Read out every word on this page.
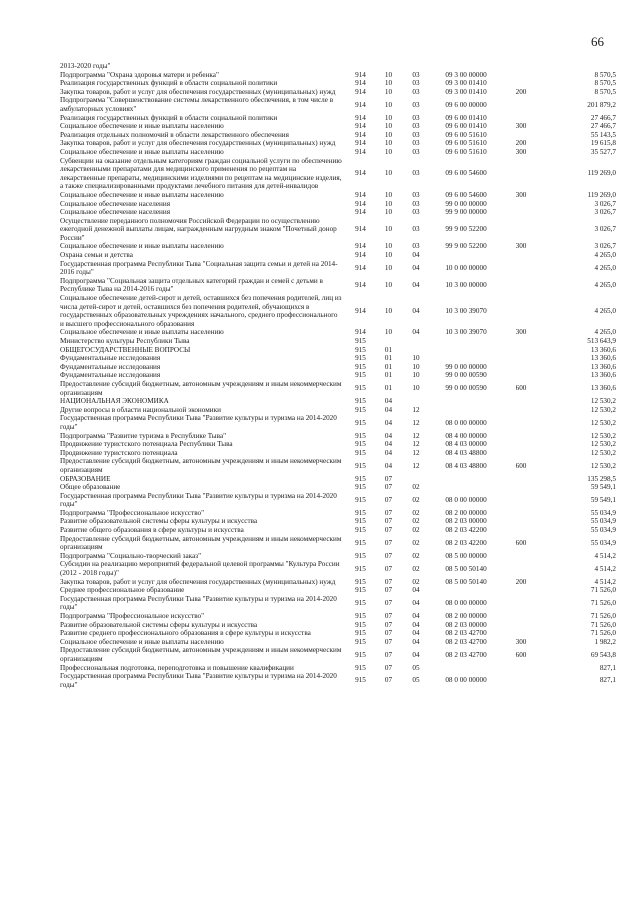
66
2013-2020 годы"						
Подпрограмма "Охрана здоровья матери и ребенка"	914	10	03	09 3 00 00000		8 570,5
Реализация государственных функций в области социальной политики	914	10	03	09 3 00 01410		8 570,5
Закупка товаров, работ и услуг для обеспечения государственных (муниципальных) нужд	914	10	03	09 3 00 01410	200	8 570,5
Подпрограмма "Совершенствование системы лекарственного обеспечения, в том числе в амбулаторных условиях"	914	10	03	09 6 00 00000		201 879,2
Реализация государственных функций в области социальной политики	914	10	03	09 6 00 01410		27 466,7
Социальное обеспечение и иные выплаты населению	914	10	03	09 6 00 01410	300	27 466,7
Реализация отдельных полномочий в области лекарственного обеспечения	914	10	03	09 6 00 51610		55 143,5
Закупка товаров, работ и услуг для обеспечения государственных (муниципальных) нужд	914	10	03	09 6 00 51610	200	19 615,8
Социальное обеспечение и иные выплаты населению	914	10	03	09 6 00 51610	300	35 527,7
Субвенции на оказание отдельным категориям граждан социальной услуги по обеспечению лекарственными препаратами для медицинского применения по рецептам на лекарственные препараты, медицинскими изделиями по рецептам на медицинские изделия, а также специализированными продуктами лечебного питания для детей-инвалидов	914	10	03	09 6 00 54600		119 269,0
Социальное обеспечение и иные выплаты населению	914	10	03	09 6 00 54600	300	119 269,0
Социальное обеспечение населения	914	10	03	99 0 00 00000		3 026,7
Социальное обеспечение населения	914	10	03	99 9 00 00000		3 026,7
Осуществление переданного полномочия Российской Федерации по осуществлению ежегодной денежной выплаты лицам, награжденным нагрудным знаком "Почетный донор России"	914	10	03	99 9 00 52200		3 026,7
Социальное обеспечение и иные выплаты населению	914	10	03	99 9 00 52200	300	3 026,7
Охрана семьи и детства	914	10	04			4 265,0
Государственная программа Республики Тыва "Социальная защита семьи и детей на 2014-2016 годы"	914	10	04	10 0 00 00000		4 265,0
Подпрограмма "Социальная защита отдельных категорий граждан и семей с детьми в Республике Тыва на 2014-2016 годы"	914	10	04	10 3 00 00000		4 265,0
Социальное обеспечение детей-сирот и детей, оставшихся без попечения родителей, лиц из числа детей-сирот и детей, оставшихся без попечения родителей, обучающихся в государственных образовательных учреждениях начального, среднего профессионального и высшего профессионального образования	914	10	04	10 3 00 39070		4 265,0
Социальное обеспечение и иные выплаты населению	914	10	04	10 3 00 39070	300	4 265,0
Министерство культуры Республики Тыва	915					513 643,9
ОБЩЕГОСУДАРСТВЕННЫЕ ВОПРОСЫ	915	01				13 360,6
Фундаментальные исследования	915	01	10			13 360,6
Фундаментальные исследования	915	01	10	99 0 00 00000		13 360,6
Фундаментальные исследования	915	01	10	99 0 00 00590		13 360,6
Предоставление субсидий бюджетным, автономным учреждениям и иным некоммерческим организациям	915	01	10	99 0 00 00590	600	13 360,6
НАЦИОНАЛЬНАЯ ЭКОНОМИКА	915	04				12 530,2
Другие вопросы в области национальной экономики	915	04	12			12 530,2
Государственная программа Республики Тыва "Развитие культуры и туризма на 2014-2020 годы"	915	04	12	08 0 00 00000		12 530,2
Подпрограмма "Развитие туризма в Республике Тыва"	915	04	12	08 4 00 00000		12 530,2
Продвижение туристского потенциала Республики Тыва	915	04	12	08 4 03 00000		12 530,2
Продвижение туристского потенциала	915	04	12	08 4 03 48800		12 530,2
Предоставление субсидий бюджетным, автономным учреждениям и иным некоммерческим организациям	915	04	12	08 4 03 48800	600	12 530,2
ОБРАЗОВАНИЕ	915	07				135 298,5
Общее образование	915	07	02			59 549,1
Государственная программа Республики Тыва "Развитие культуры и туризма на 2014-2020 годы"	915	07	02	08 0 00 00000		59 549,1
Подпрограмма "Профессиональное искусство"	915	07	02	08 2 00 00000		55 034,9
Развитие образовательной системы сферы культуры и искусства	915	07	02	08 2 03 00000		55 034,9
Развитие общего образования в сфере культуры и искусства	915	07	02	08 2 03 42200		55 034,9
Предоставление субсидий бюджетным, автономным учреждениям и иным некоммерческим организациям	915	07	02	08 2 03 42200	600	55 034,9
Подпрограмма "Социально-творческий заказ"	915	07	02	08 5 00 00000		4 514,2
Субсидии на реализацию мероприятий федеральной целевой программы "Культура России (2012 - 2018 годы)"	915	07	02	08 5 00 50140		4 514,2
Закупка товаров, работ и услуг для обеспечения государственных (муниципальных) нужд	915	07	02	08 5 00 50140	200	4 514,2
Среднее профессиональное образование	915	07	04			71 526,0
Государственная программа Республики Тыва "Развитие культуры и туризма на 2014-2020 годы"	915	07	04	08 0 00 00000		71 526,0
Подпрограмма "Профессиональное искусство"	915	07	04	08 2 00 00000		71 526,0
Развитие образовательной системы сферы культуры и искусства	915	07	04	08 2 03 00000		71 526,0
Развитие среднего профессионального образования в сфере культуры и искусства	915	07	04	08 2 03 42700		71 526,0
Социальное обеспечение и иные выплаты населению	915	07	04	08 2 03 42700	300	1 982,2
Предоставление субсидий бюджетным, автономным учреждениям и иным некоммерческим организациям	915	07	04	08 2 03 42700	600	69 543,8
Профессиональная подготовка, переподготовка и повышение квалификации	915	07	05			827,1
Государственная программа Республики Тыва "Развитие культуры и туризма на 2014-2020 годы"	915	07	05	08 0 00 00000		827,1
